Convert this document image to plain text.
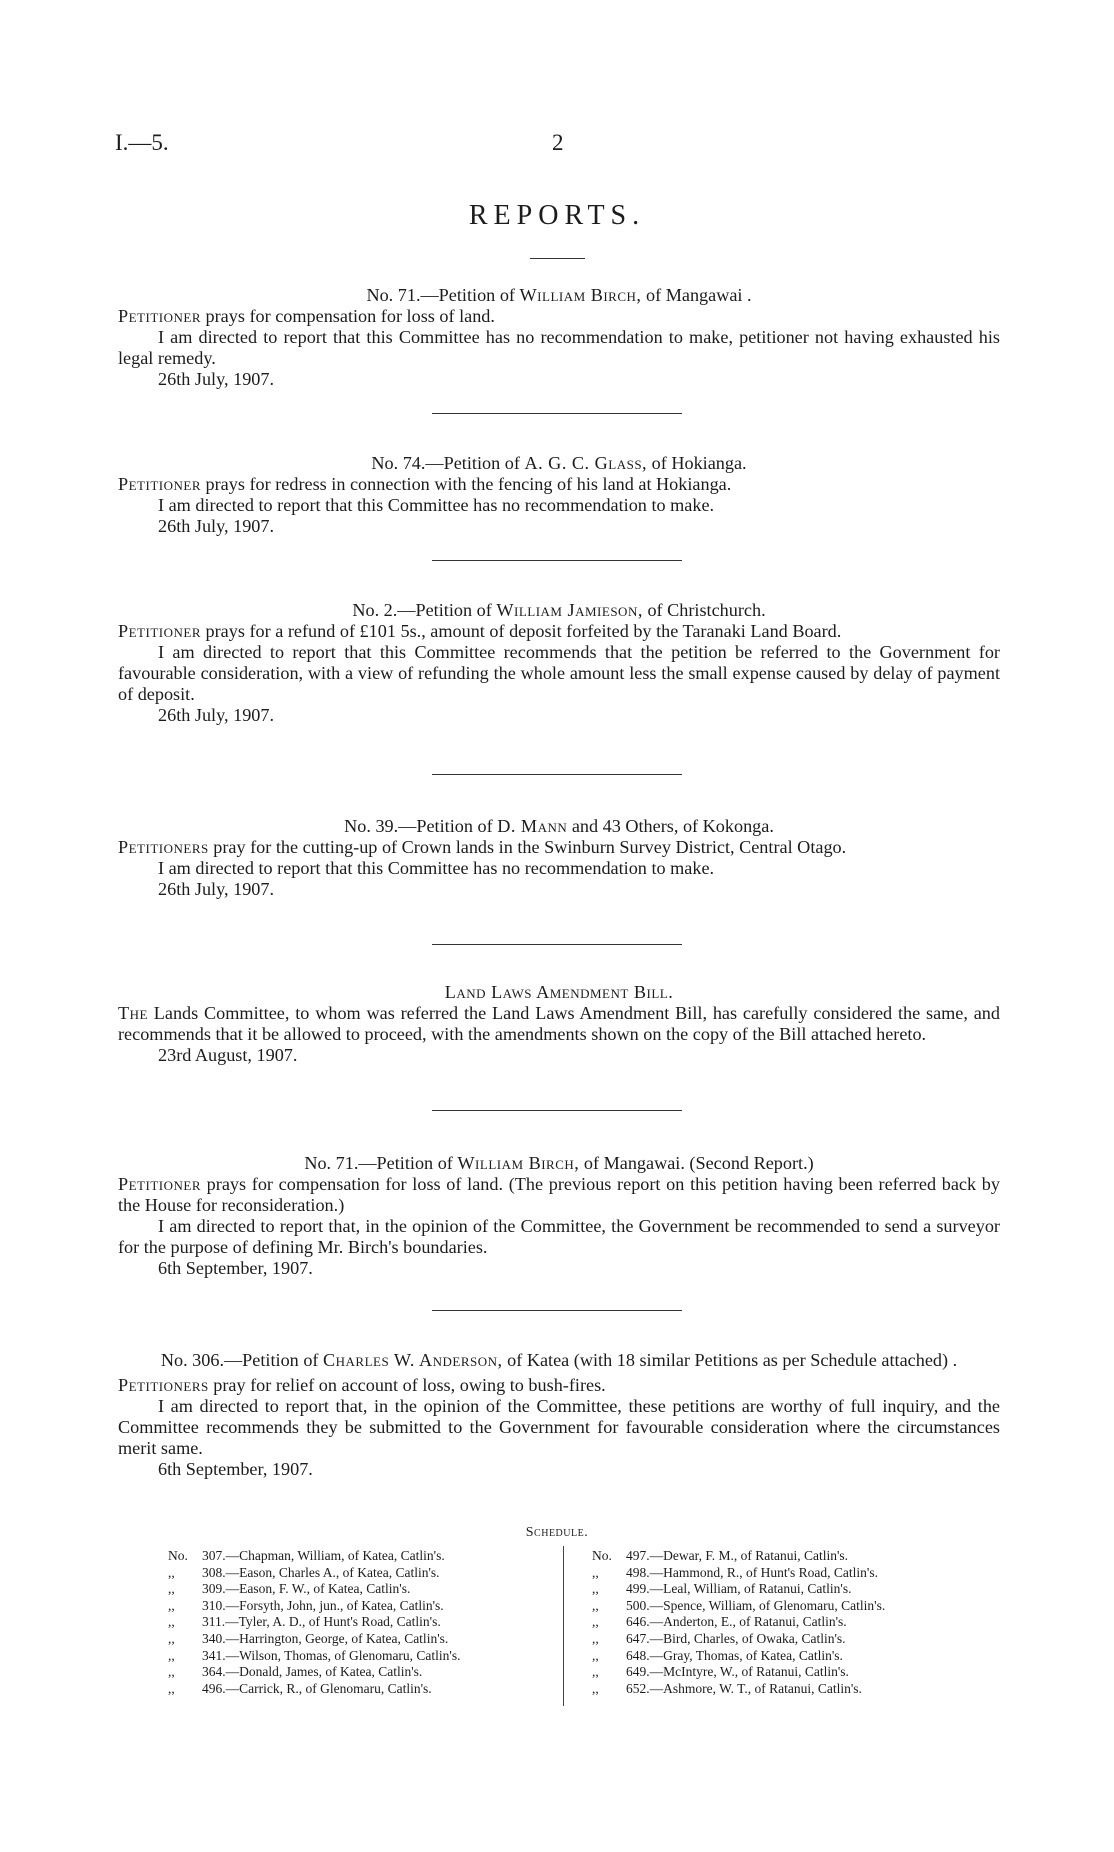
I.—5.	2
REPORTS.
No. 71.—Petition of William Birch, of Mangawai .

Petitioner prays for compensation for loss of land.

I am directed to report that this Committee has no recommendation to make, petitioner not having exhausted his legal remedy.

26th July, 1907.
No. 74.—Petition of A. G. C. Glass, of Hokianga.

Petitioner prays for redress in connection with the fencing of his land at Hokianga.

I am directed to report that this Committee has no recommendation to make.

26th July, 1907.
No. 2.—Petition of William Jamieson, of Christchurch.

Petitioner prays for a refund of £101 5s., amount of deposit forfeited by the Taranaki Land Board.

I am directed to report that this Committee recommends that the petition be referred to the Government for favourable consideration, with a view of refunding the whole amount less the small expense caused by delay of payment of deposit.

26th July, 1907.
No. 39.—Petition of D. Mann and 43 Others, of Kokonga.

Petitioners pray for the cutting-up of Crown lands in the Swinburn Survey District, Central Otago.

I am directed to report that this Committee has no recommendation to make.

26th July, 1907.
Land Laws Amendment Bill.

The Lands Committee, to whom was referred the Land Laws Amendment Bill, has carefully considered the same, and recommends that it be allowed to proceed, with the amendments shown on the copy of the Bill attached hereto.

23rd August, 1907.
No. 71.—Petition of William Birch, of Mangawai. (Second Report.)

Petitioner prays for compensation for loss of land. (The previous report on this petition having been referred back by the House for reconsideration.)

I am directed to report that, in the opinion of the Committee, the Government be recommended to send a surveyor for the purpose of defining Mr. Birch's boundaries.

6th September, 1907.
No. 306.—Petition of Charles W. Anderson, of Katea (with 18 similar Petitions as per Schedule attached) .

Petitioners pray for relief on account of loss, owing to bush-fires.

I am directed to report that, in the opinion of the Committee, these petitions are worthy of full inquiry, and the Committee recommends they be submitted to the Government for favourable consideration where the circumstances merit same.

6th September, 1907.
Schedule.
No. 307.—Chapman, William, of Katea, Catlin's.
,, 308.—Eason, Charles A., of Katea, Catlin's.
,, 309.—Eason, F. W., of Katea, Catlin's.
,, 310.—Forsyth, John, jun., of Katea, Catlin's.
,, 311.—Tyler, A. D., of Hunt's Road, Catlin's.
,, 340.—Harrington, George, of Katea, Catlin's.
,, 341.—Wilson, Thomas, of Glenomaru, Catlin's.
,, 364.—Donald, James, of Katea, Catlin's.
,, 496.—Carrick, R., of Glenomaru, Catlin's.
No. 497.—Dewar, F. M., of Ratanui, Catlin's.
,, 498.—Hammond, R., of Hunt's Road, Catlin's.
,, 499.—Leal, William, of Ratanui, Catlin's.
,, 500.—Spence, William, of Glenomaru, Catlin's.
,, 646.—Anderton, E., of Ratanui, Catlin's.
,, 647.—Bird, Charles, of Owaka, Catlin's.
,, 648.—Gray, Thomas, of Katea, Catlin's.
,, 649.—McIntyre, W., of Ratanui, Catlin's.
,, 652.—Ashmore, W. T., of Ratanui, Catlin's.
